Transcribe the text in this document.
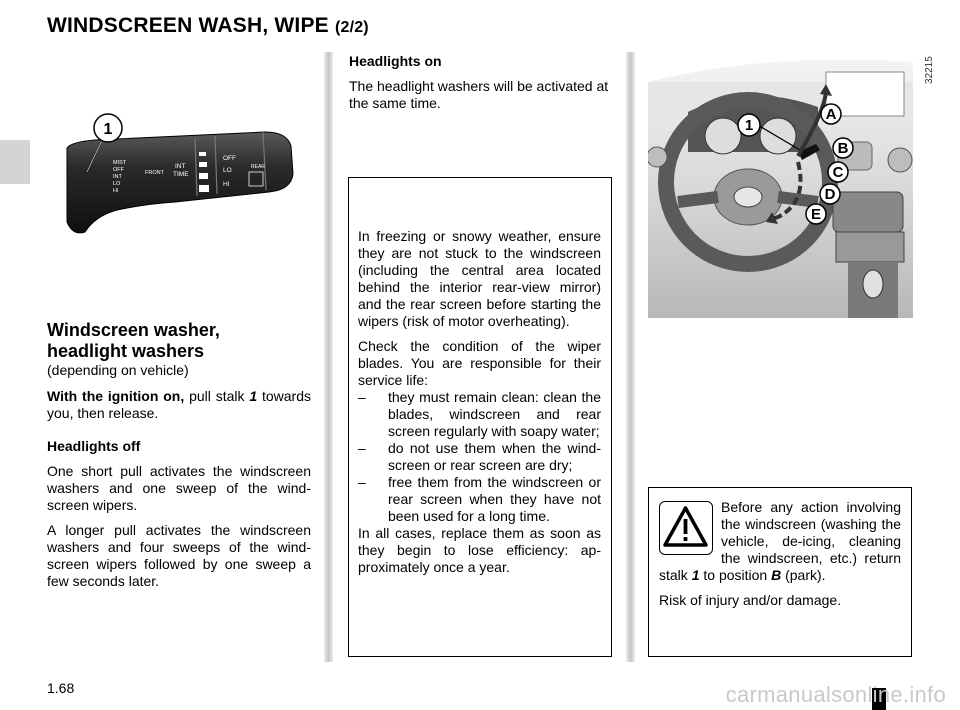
WINDSCREEN WASH, WIPE (2/2)
1
MIST
OFF
INT
LO
HI
FRONT
INT
TIME
OFF
LO
HI
REAR
Windscreen washer,
headlight washers
(depending on vehicle)

With the ignition on, pull stalk 1 towards you, then release.

Headlights off

One short pull activates the windscreen washers and one sweep of the windscreen wipers.

A longer pull activates the windscreen washers and four sweeps of the windscreen wipers followed by one sweep a few seconds later.

Headlights on

The headlight washers will be activated at the same time.

In freezing or snowy weather, ensure they are not stuck to the windscreen (including the central area located behind the interior rear-view mirror) and the rear screen before starting the wipers (risk of motor overheating).

Check the condition of the wiper blades. You are responsible for their service life:

–	they must remain clean: clean the blades, windscreen and rear screen regularly with soapy water;
–	do not use them when the windscreen or rear screen are dry;
–	free them from the windscreen or rear screen when they have not been used for a long time.

In all cases, replace them as soon as they begin to lose efficiency: approximately once a year.

1
A
B
C
D
E
32215

Before any action involving the windscreen (washing the vehicle, de-icing, cleaning the windscreen, etc.) return stalk 1 to position B (park).

Risk of injury and/or damage.

1.68	carmanualsonline.info
